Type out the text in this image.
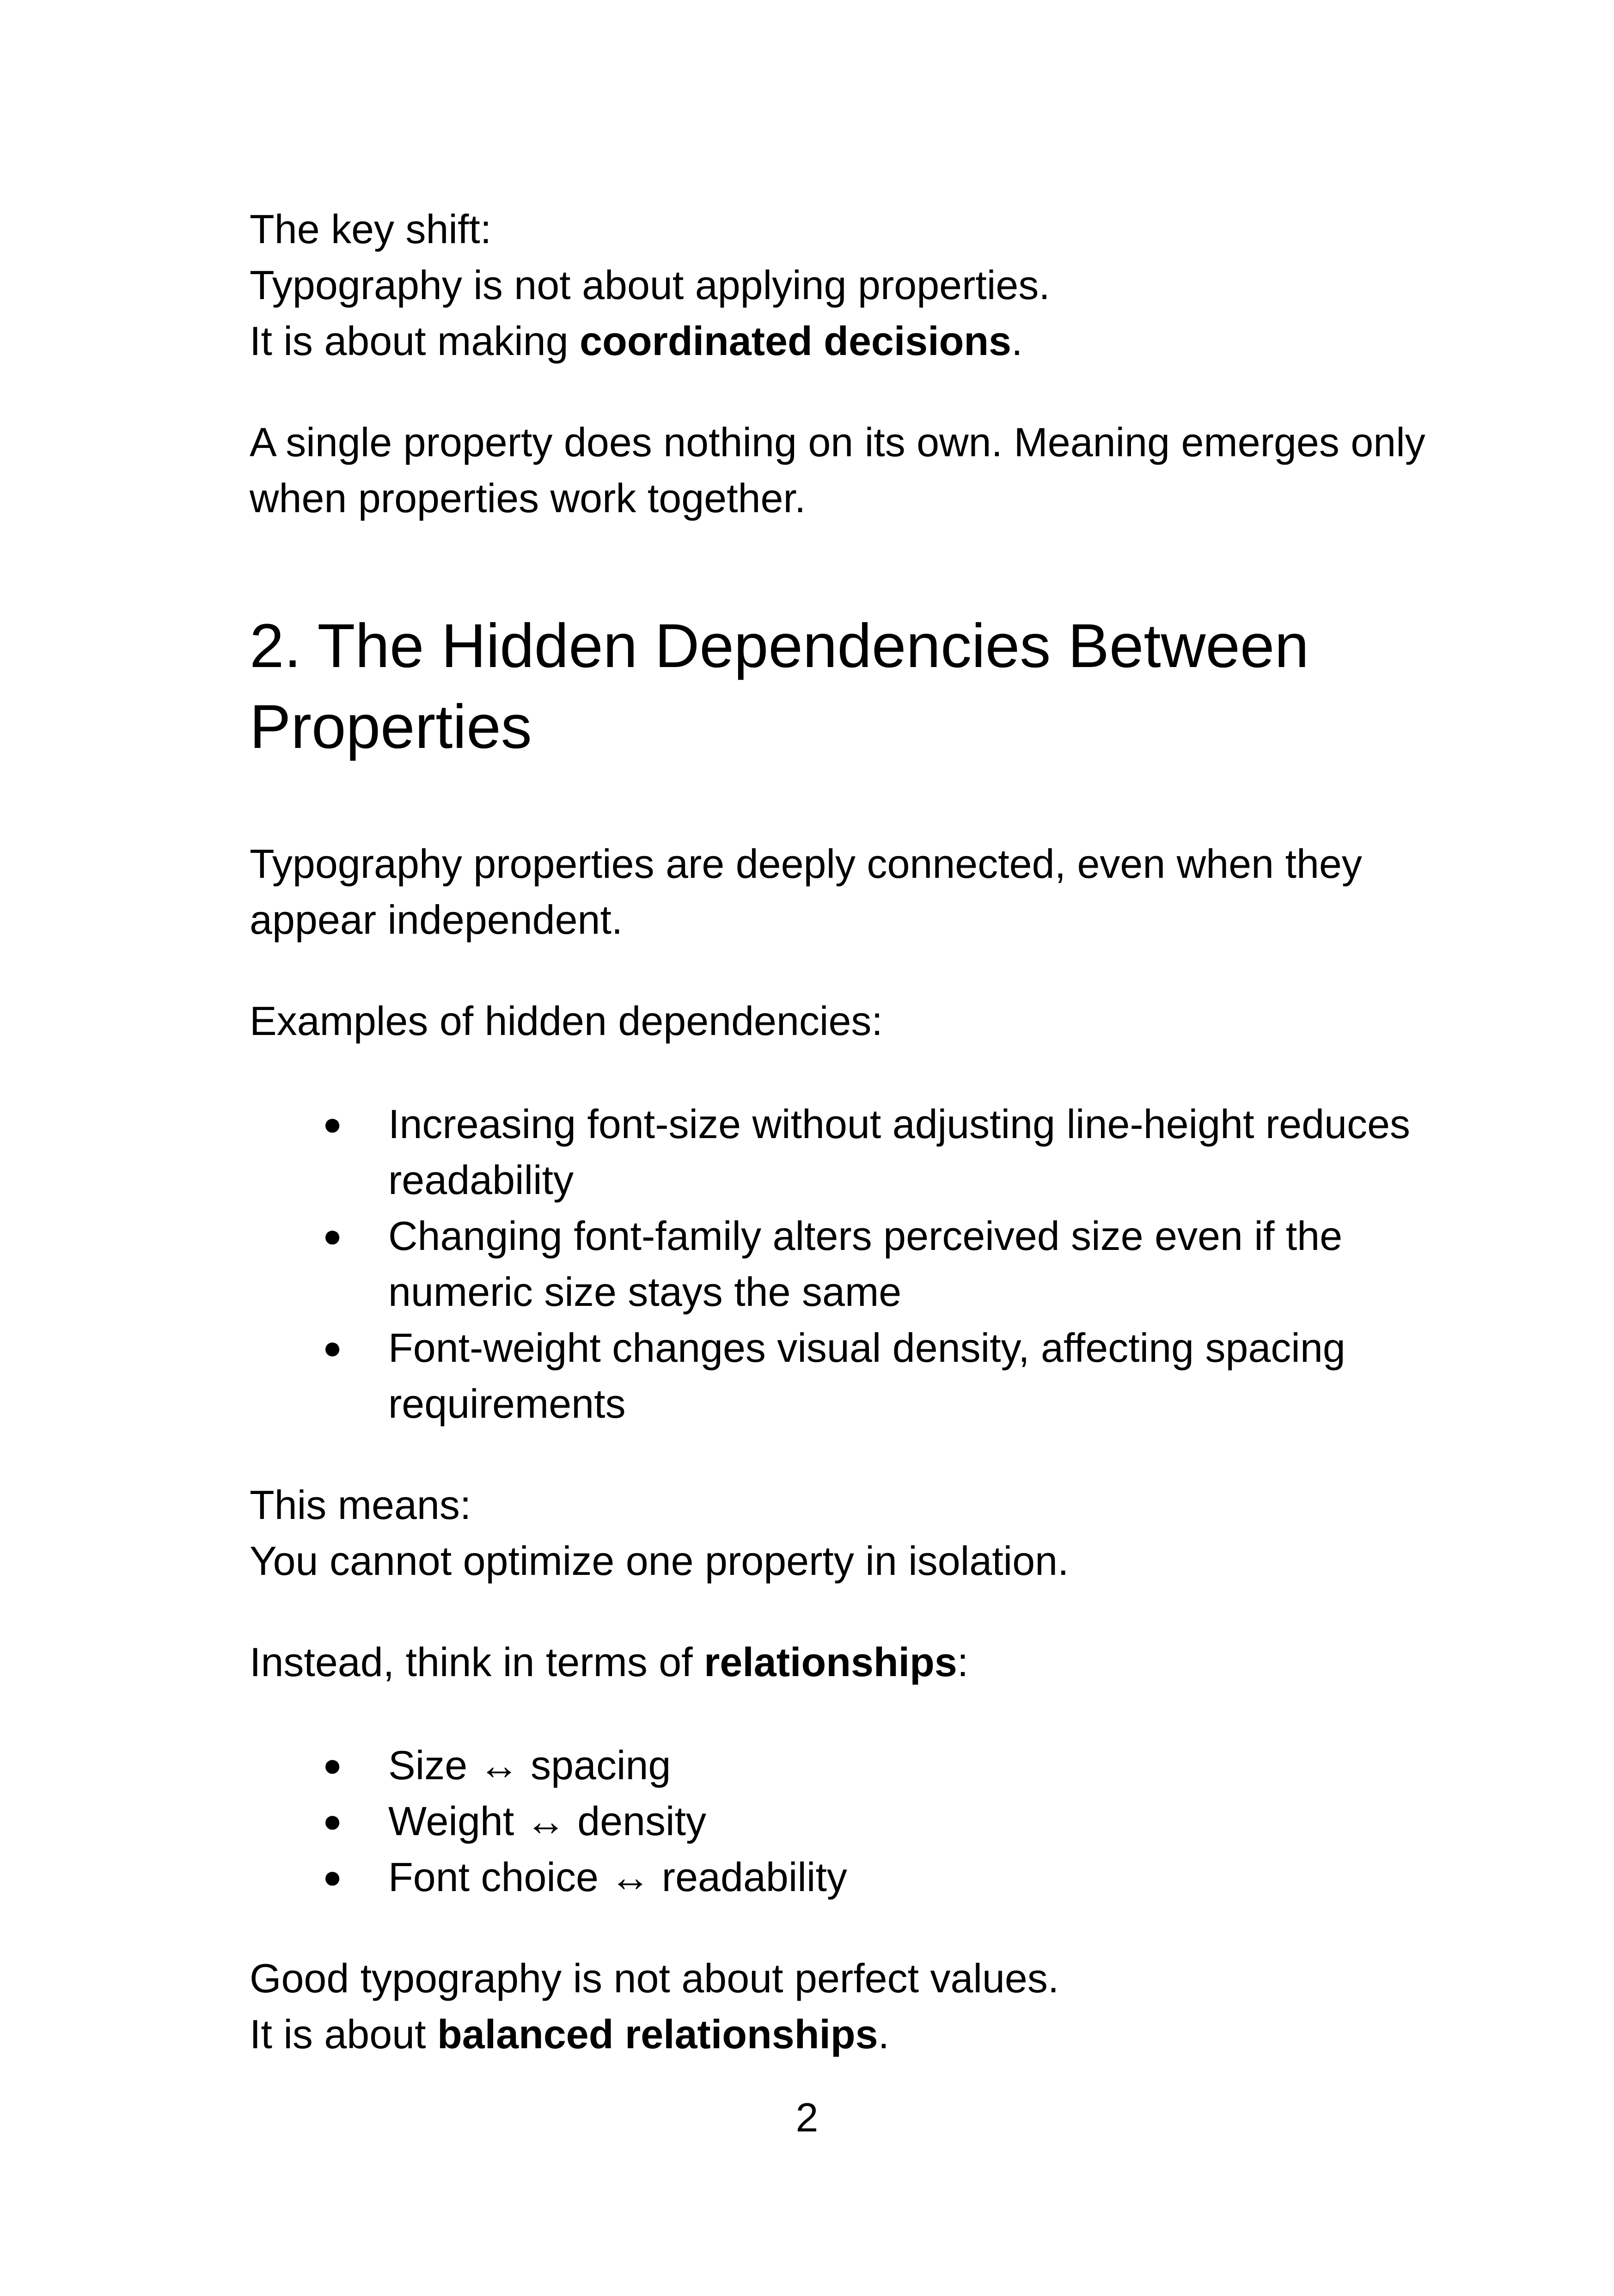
The key shift:

Typography is not about applying properties.

It is about making coordinated decisions.

A single property does nothing on its own. Meaning emerges only when properties work together.

2. The Hidden Dependencies Between Properties

Typography properties are deeply connected, even when they appear independent.

Examples of hidden dependencies:

● Increasing font-size without adjusting line-height reduces readability
● Changing font-family alters perceived size even if the numeric size stays the same
● Font-weight changes visual density, affecting spacing requirements

This means:

You cannot optimize one property in isolation.

Instead, think in terms of relationships:

● Size ↔ spacing
● Weight ↔ density
● Font choice ↔ readability

Good typography is not about perfect values.

It is about balanced relationships.

2
